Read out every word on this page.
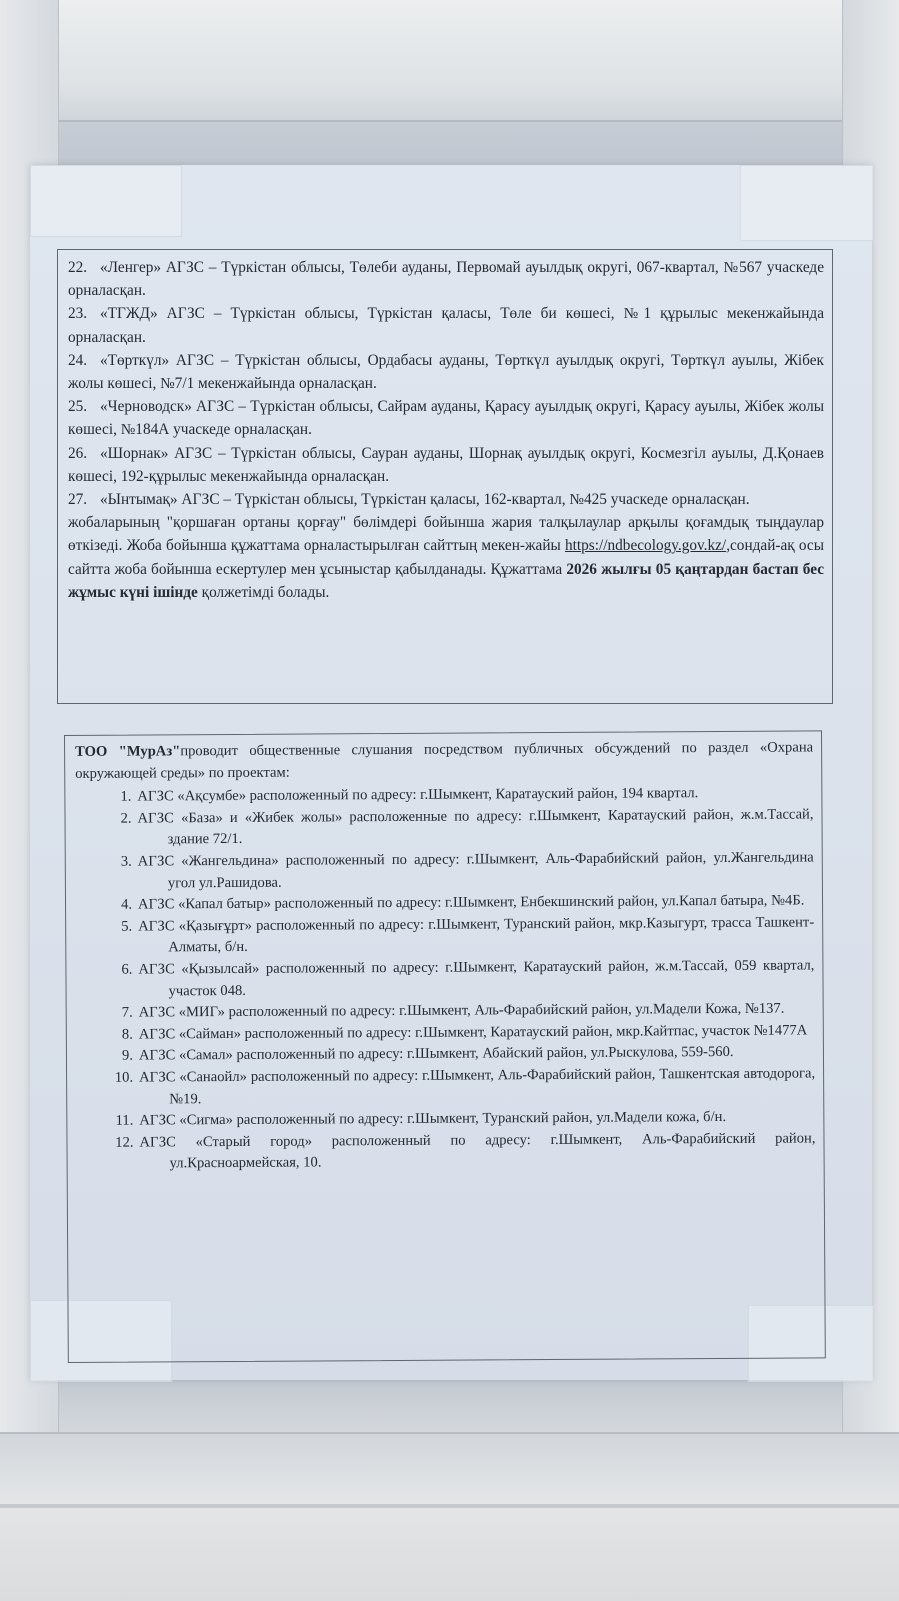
22. «Ленгер» АГЗС – Түркістан облысы, Төлеби ауданы, Первомай ауылдық округі, 067-квартал, №567 учаскеде орналасқан.

23. «ТГЖД» АГЗС – Түркістан облысы, Түркістан қаласы, Төле би көшесі, №1 құрылыс мекенжайында орналасқан.

24. «Төрткүл» АГЗС – Түркістан облысы, Ордабасы ауданы, Төрткүл ауылдық округі, Төрткүл ауылы, Жібек жолы көшесі, №7/1 мекенжайында орналасқан.

25. «Черноводск» АГЗС – Түркістан облысы, Сайрам ауданы, Қарасу ауылдық округі, Қарасу ауылы, Жібек жолы көшесі, №184А учаскеде орналасқан.

26. «Шорнак» АГЗС – Түркістан облысы, Сауран ауданы, Шорнақ ауылдық округі, Космезгіл ауылы, Д.Қонаев көшесі, 192-құрылыс мекенжайында орналасқан.

27. «Ынтымақ» АГЗС – Түркістан облысы, Түркістан қаласы, 162-квартал, №425 учаскеде орналасқан.

жобаларының "қоршаған ортаны қорғау" бөлімдері бойынша жария талқылаулар арқылы қоғамдық тыңдаулар өткізеді. Жоба бойынша құжаттама орналастырылған сайттың мекен-жайы https://ndbecology.gov.kz/,сондай-ақ осы сайтта жоба бойынша ескертулер мен ұсыныстар қабылданады. Құжаттама 2026 жылғы 05 қаңтардан бастап бес жұмыс күні ішінде қолжетімді болады.

ТОО "МурАз"проводит общественные слушания посредством публичных обсуждений по раздел «Охрана окружающей среды» по проектам:

1. АГЗС «Ақсумбе» расположенный по адресу: г.Шымкент, Каратауский район, 194 квартал.
2. АГЗС «База» и «Жибек жолы» расположенные по адресу: г.Шымкент, Каратауский район, ж.м.Тассай, здание 72/1.
3. АГЗС «Жангельдина» расположенный по адресу: г.Шымкент, Аль-Фарабийский район, ул.Жангельдина угол ул.Рашидова.
4. АГЗС «Капал батыр» расположенный по адресу: г.Шымкент, Енбекшинский район, ул.Капал батыра, №4Б.
5. АГЗС «Қазығұрт» расположенный по адресу: г.Шымкент, Туранский район, мкр.Казыгурт, трасса Ташкент-Алматы, б/н.
6. АГЗС «Қызылсай» расположенный по адресу: г.Шымкент, Каратауский район, ж.м.Тассай, 059 квартал, участок 048.
7. АГЗС «МИГ» расположенный по адресу: г.Шымкент, Аль-Фарабийский район, ул.Мадели Кожа, №137.
8. АГЗС «Сайман» расположенный по адресу: г.Шымкент, Каратауский район, мкр.Кайтпас, участок №1477А
9. АГЗС «Самал» расположенный по адресу: г.Шымкент, Абайский район, ул.Рыскулова, 559-560.
10. АГЗС «Санаойл» расположенный по адресу: г.Шымкент, Аль-Фарабийский район, Ташкентская автодорога, №19.
11. АГЗС «Сигма» расположенный по адресу: г.Шымкент, Туранский район, ул.Мадели кожа, б/н.
12. АГЗС «Старый город» расположенный по адресу: г.Шымкент, Аль-Фарабийский район, ул.Красноармейская, 10.
